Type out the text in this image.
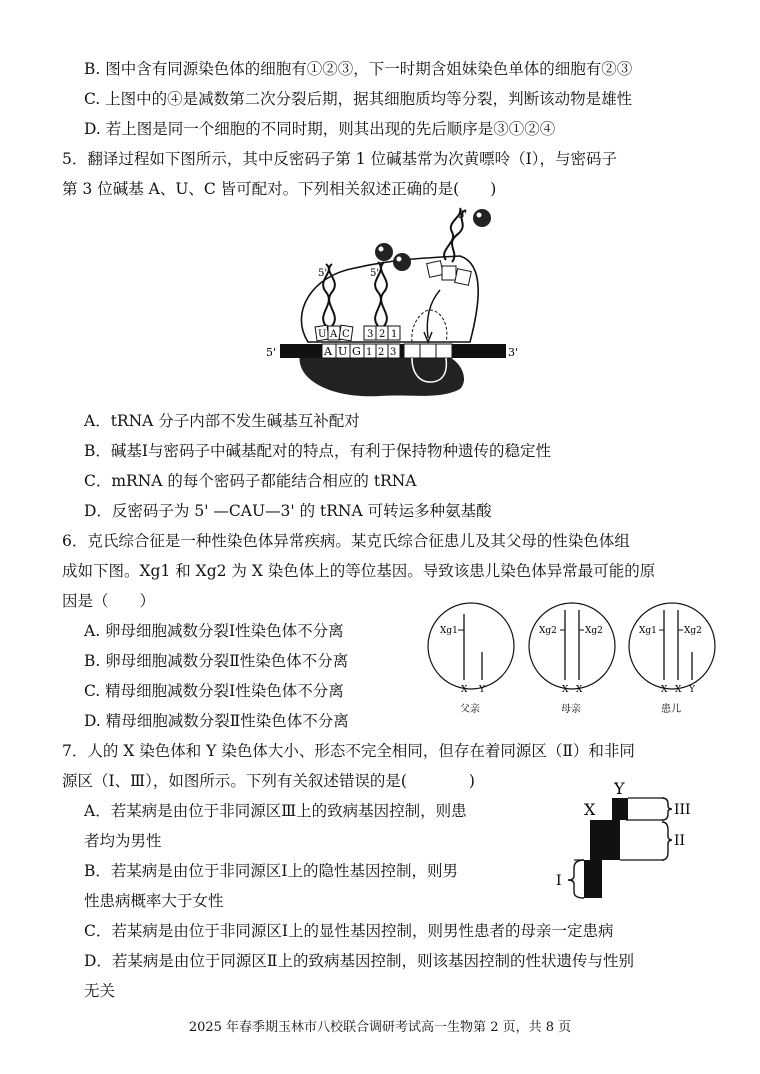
B. 图中含有同源染色体的细胞有①②③，下一时期含姐妹染色单体的细胞有②③
C. 上图中的④是减数第二次分裂后期，据其细胞质均等分裂，判断该动物是雄性
D. 若上图是同一个细胞的不同时期，则其出现的先后顺序是③①②④
5．翻译过程如下图所示，其中反密码子第 1 位碱基常为次黄嘌呤（Ⅰ），与密码子
第 3 位碱基 A、U、C 皆可配对。下列相关叙述正确的是(　　)
A U G 1 2 3
5'	3'
5'
U A C
5'
3 2 1
5'
A．tRNA 分子内部不发生碱基互补配对
B．碱基Ⅰ与密码子中碱基配对的特点，有利于保持物种遗传的稳定性
C．mRNA 的每个密码子都能结合相应的 tRNA
D．反密码子为 5' —CAU—3' 的 tRNA 可转运多种氨基酸
6．克氏综合征是一种性染色体异常疾病。某克氏综合征患儿及其父母的性染色体组
成如下图。Xg1 和 Xg2 为 X 染色体上的等位基因。导致该患儿染色体异常最可能的原
因是（　　）
A. 卵母细胞减数分裂Ⅰ性染色体不分离
B. 卵母细胞减数分裂Ⅱ性染色体不分离
C. 精母细胞减数分裂Ⅰ性染色体不分离
D. 精母细胞减数分裂Ⅱ性染色体不分离
Xg1
X Y
父亲
Xg2	Xg2
X X
母亲
Xg1	Xg2
X X Y
患儿
7．人的 X 染色体和 Y 染色体大小、形态不完全相同，但存在着同源区（Ⅱ）和非同
源区（Ⅰ、Ⅲ），如图所示。下列有关叙述错误的是(　　　　)
A．若某病是由位于非同源区Ⅲ上的致病基因控制，则患
者均为男性
B．若某病是由位于非同源区Ⅰ上的隐性基因控制，则男
性患病概率大于女性
C．若某病是由位于非同源区Ⅰ上的显性基因控制，则男性患者的母亲一定患病
D．若某病是由位于同源区Ⅱ上的致病基因控制，则该基因控制的性状遗传与性别
无关
X
Y
III
II
I
2025 年春季期玉林市八校联合调研考试高一生物第 2 页，共 8 页
